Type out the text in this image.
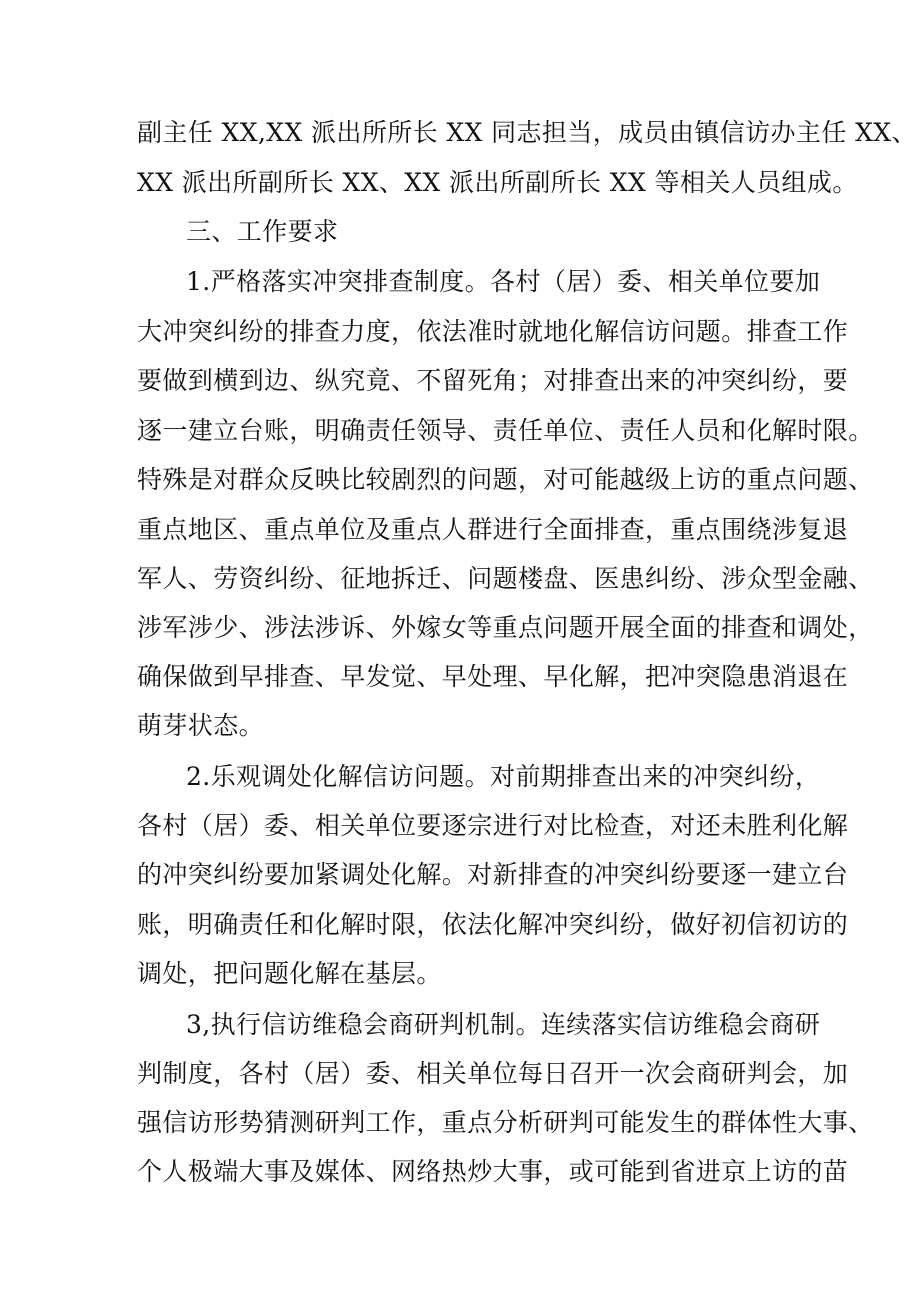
副主任 XX,XX 派出所所长 XX 同志担当，成员由镇信访办主任 XX、
XX 派出所副所长 XX、XX 派出所副所长 XX 等相关人员组成。
三、工作要求
1.严格落实冲突排查制度。各村（居）委、相关单位要加
大冲突纠纷的排查力度，依法准时就地化解信访问题。排查工作
要做到横到边、纵究竟、不留死角；对排查出来的冲突纠纷，要
逐一建立台账，明确责任领导、责任单位、责任人员和化解时限。
特殊是对群众反映比较剧烈的问题，对可能越级上访的重点问题、
重点地区、重点单位及重点人群进行全面排查，重点围绕涉复退
军人、劳资纠纷、征地拆迁、问题楼盘、医患纠纷、涉众型金融、
涉军涉少、涉法涉诉、外嫁女等重点问题开展全面的排查和调处，
确保做到早排查、早发觉、早处理、早化解，把冲突隐患消退在
萌芽状态。
2.乐观调处化解信访问题。对前期排查出来的冲突纠纷，
各村（居）委、相关单位要逐宗进行对比检查，对还未胜利化解
的冲突纠纷要加紧调处化解。对新排查的冲突纠纷要逐一建立台
账，明确责任和化解时限，依法化解冲突纠纷，做好初信初访的
调处，把问题化解在基层。
3,执行信访维稳会商研判机制。连续落实信访维稳会商研
判制度，各村（居）委、相关单位每日召开一次会商研判会，加
强信访形势猜测研判工作，重点分析研判可能发生的群体性大事、
个人极端大事及媒体、网络热炒大事，或可能到省进京上访的苗
